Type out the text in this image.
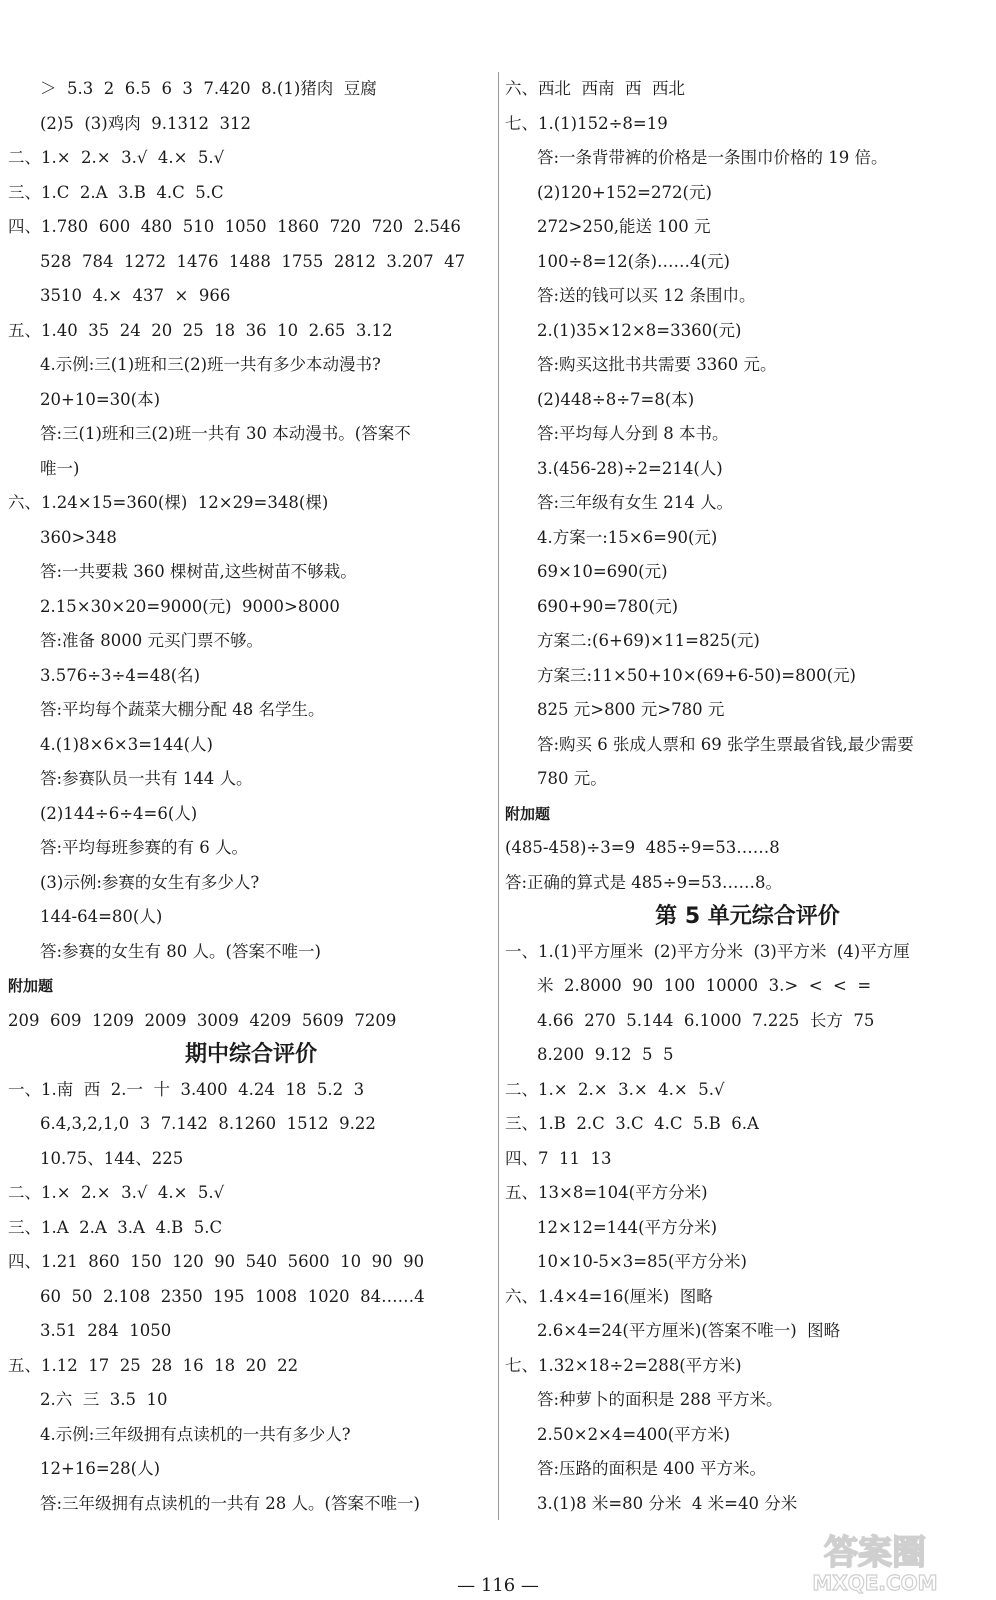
＞  5.3  2  6.5  6  3  7.420  8.(1)猪肉  豆腐
(2)5  (3)鸡肉  9.1312  312
二、1.×  2.×  3.√  4.×  5.√
三、1.C  2.A  3.B  4.C  5.C
四、1.780  600  480  510  1050  1860  720  720  2.546
528  784  1272  1476  1488  1755  2812  3.207  47
3510  4.×  437  ×  966
五、1.40  35  24  20  25  18  36  10  2.65  3.12
4.示例:三(1)班和三(2)班一共有多少本动漫书?
20+10=30(本)
答:三(1)班和三(2)班一共有 30 本动漫书。(答案不
唯一)
六、1.24×15=360(棵)  12×29=348(棵)
360>348
答:一共要栽 360 棵树苗,这些树苗不够栽。
2.15×30×20=9000(元)  9000>8000
答:准备 8000 元买门票不够。
3.576÷3÷4=48(名)
答:平均每个蔬菜大棚分配 48 名学生。
4.(1)8×6×3=144(人)
答:参赛队员一共有 144 人。
(2)144÷6÷4=6(人)
答:平均每班参赛的有 6 人。
(3)示例:参赛的女生有多少人?
144-64=80(人)
答:参赛的女生有 80 人。(答案不唯一)
附加题
209  609  1209  2009  3009  4209  5609  7209
期中综合评价
一、1.南  西  2.一  十  3.400  4.24  18  5.2  3
6.4,3,2,1,0  3  7.142  8.1260  1512  9.22
10.75、144、225
二、1.×  2.×  3.√  4.×  5.√
三、1.A  2.A  3.A  4.B  5.C
四、1.21  860  150  120  90  540  5600  10  90  90
60  50  2.108  2350  195  1008  1020  84……4
3.51  284  1050
五、1.12  17  25  28  16  18  20  22
2.六  三  3.5  10
4.示例:三年级拥有点读机的一共有多少人?
12+16=28(人)
答:三年级拥有点读机的一共有 28 人。(答案不唯一)
六、西北  西南  西  西北
七、1.(1)152÷8=19
答:一条背带裤的价格是一条围巾价格的 19 倍。
(2)120+152=272(元)
272>250,能送 100 元
100÷8=12(条)……4(元)
答:送的钱可以买 12 条围巾。
2.(1)35×12×8=3360(元)
答:购买这批书共需要 3360 元。
(2)448÷8÷7=8(本)
答:平均每人分到 8 本书。
3.(456-28)÷2=214(人)
答:三年级有女生 214 人。
4.方案一:15×6=90(元)
69×10=690(元)
690+90=780(元)
方案二:(6+69)×11=825(元)
方案三:11×50+10×(69+6-50)=800(元)
825 元>800 元>780 元
答:购买 6 张成人票和 69 张学生票最省钱,最少需要
780 元。
附加题
(485-458)÷3=9  485÷9=53……8
答:正确的算式是 485÷9=53……8。
第 5 单元综合评价
一、1.(1)平方厘米  (2)平方分米  (3)平方米  (4)平方厘
米  2.8000  90  100  10000  3.>  <  <  =
4.66  270  5.144  6.1000  7.225  长方  75
8.200  9.12  5  5
二、1.×  2.×  3.×  4.×  5.√
三、1.B  2.C  3.C  4.C  5.B  6.A
四、7  11  13
五、13×8=104(平方分米)
12×12=144(平方分米)
10×10-5×3=85(平方分米)
六、1.4×4=16(厘米)  图略
2.6×4=24(平方厘米)(答案不唯一)  图略
七、1.32×18÷2=288(平方米)
答:种萝卜的面积是 288 平方米。
2.50×2×4=400(平方米)
答:压路的面积是 400 平方米。
3.(1)8 米=80 分米  4 米=40 分米
— 116 —
答案圈
MXQE.COM
